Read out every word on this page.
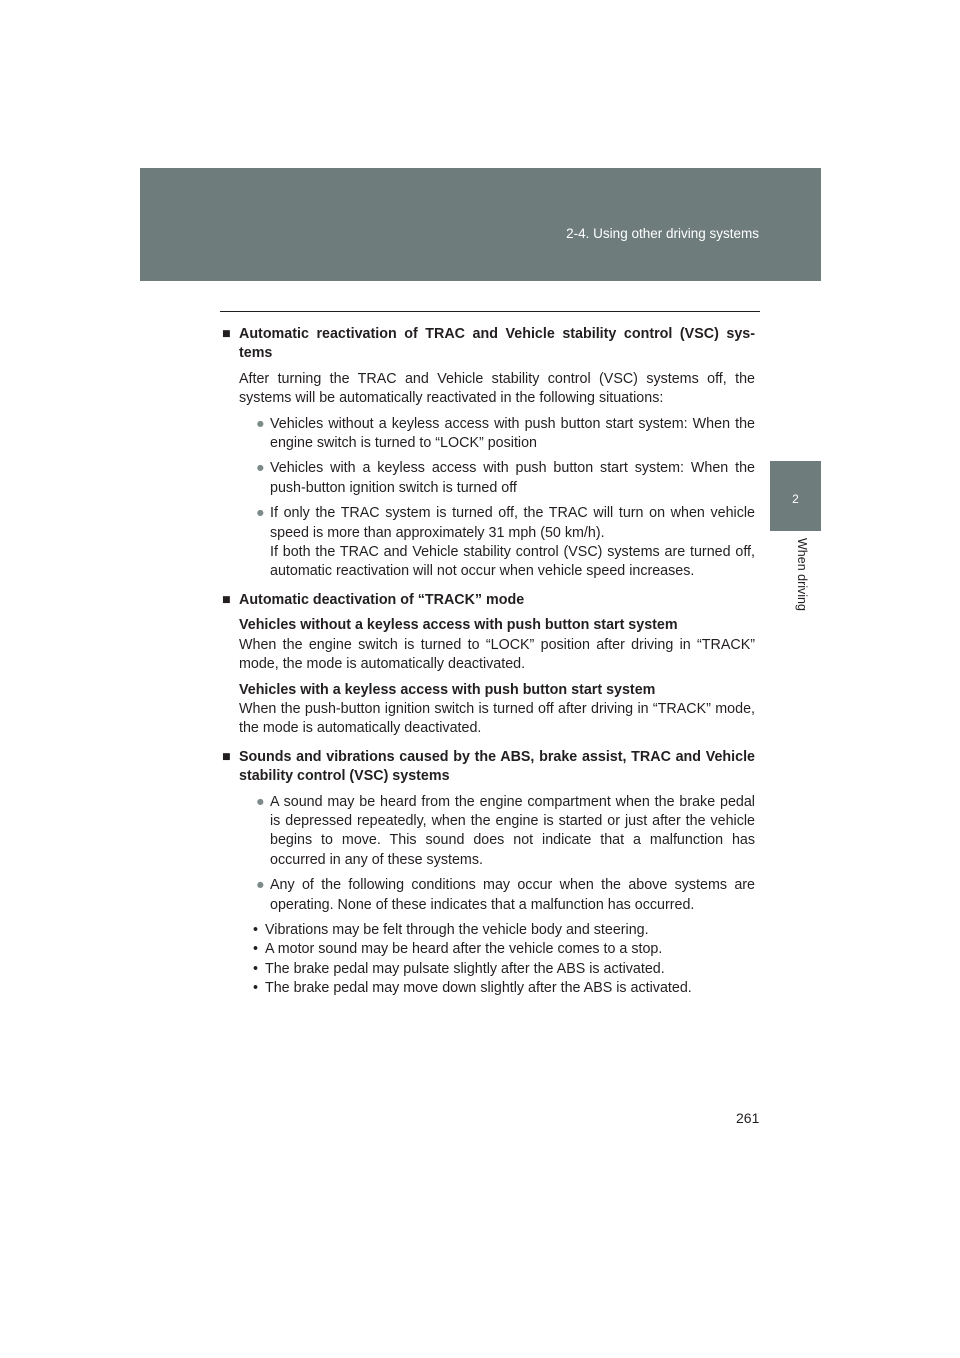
2-4. Using other driving systems
2
When driving
■ Automatic reactivation of TRAC and Vehicle stability control (VSC) sys- tems
After turning the TRAC and Vehicle stability control (VSC) systems off, the systems will be automatically reactivated in the following situations:
● Vehicles without a keyless access with push button start system: When the engine switch is turned to “LOCK” position
● Vehicles with a keyless access with push button start system: When the push-button ignition switch is turned off
● If only the TRAC system is turned off, the TRAC will turn on when vehicle speed is more than approximately 31 mph (50 km/h).
If both the TRAC and Vehicle stability control (VSC) systems are turned off, automatic reactivation will not occur when vehicle speed increases.
■ Automatic deactivation of “TRACK” mode
Vehicles without a keyless access with push button start system
When the engine switch is turned to “LOCK” position after driving in “TRACK” mode, the mode is automatically deactivated.
Vehicles with a keyless access with push button start system
When the push-button ignition switch is turned off after driving in “TRACK” mode, the mode is automatically deactivated.
■ Sounds and vibrations caused by the ABS, brake assist, TRAC and Vehicle stability control (VSC) systems
● A sound may be heard from the engine compartment when the brake pedal is depressed repeatedly, when the engine is started or just after the vehicle begins to move. This sound does not indicate that a malfunction has occurred in any of these systems.
● Any of the following conditions may occur when the above systems are operating. None of these indicates that a malfunction has occurred.
• Vibrations may be felt through the vehicle body and steering.
• A motor sound may be heard after the vehicle comes to a stop.
• The brake pedal may pulsate slightly after the ABS is activated.
• The brake pedal may move down slightly after the ABS is activated.
261
